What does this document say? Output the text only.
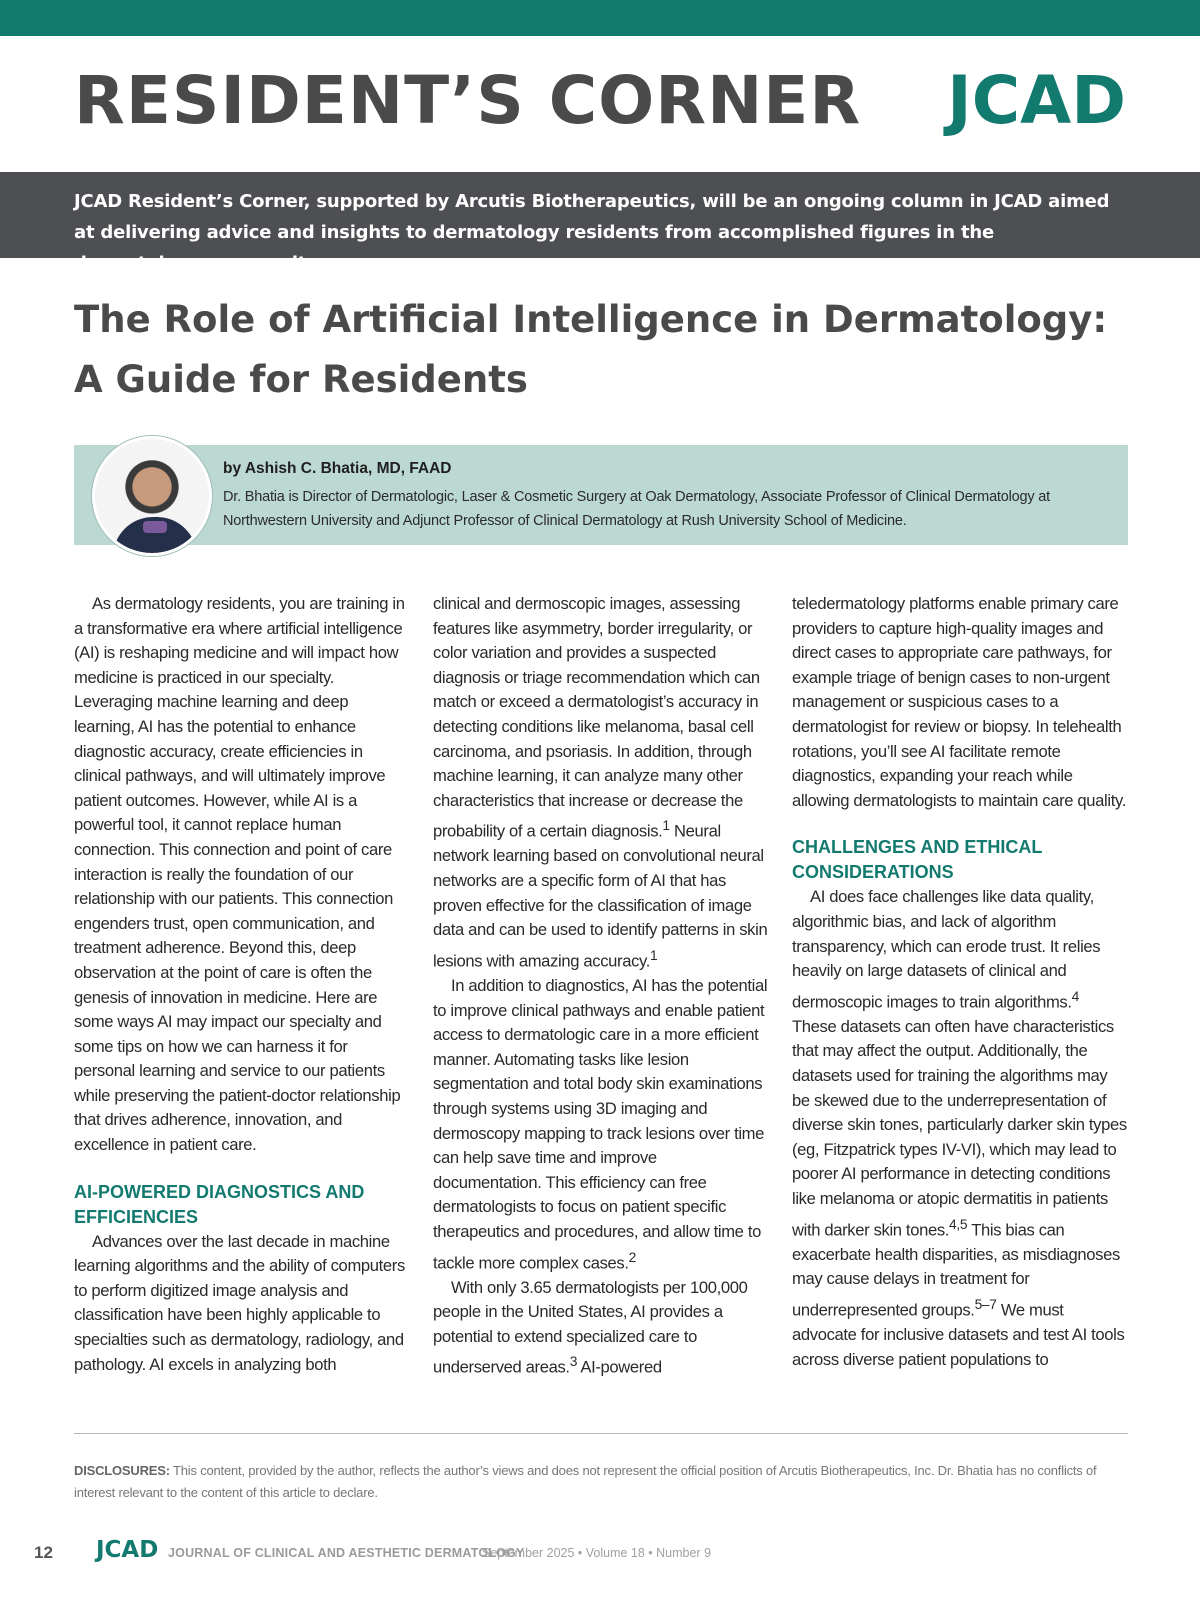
RESIDENT’S CORNER JCAD

JCAD Resident’s Corner, supported by Arcutis Biotherapeutics, will be an ongoing column in JCAD aimed at delivering advice and insights to dermatology residents from accomplished figures in the dermatology community.

The Role of Artificial Intelligence in Dermatology: A Guide for Residents
by Ashish C. Bhatia, MD, FAAD
Dr. Bhatia is Director of Dermatologic, Laser & Cosmetic Surgery at Oak Dermatology, Associate Professor of Clinical Dermatology at Northwestern University and Adjunct Professor of Clinical Dermatology at Rush University School of Medicine.

As dermatology residents, you are training in a transformative era where artificial intelligence (AI) is reshaping medicine and will impact how medicine is practiced in our specialty. Leveraging machine learning and deep learning, AI has the potential to enhance diagnostic accuracy, create efficiencies in clinical pathways, and will ultimately improve patient outcomes. However, while AI is a powerful tool, it cannot replace human connection. This connection and point of care interaction is really the foundation of our relationship with our patients. This connection engenders trust, open communication, and treatment adherence. Beyond this, deep observation at the point of care is often the genesis of innovation in medicine. Here are some ways AI may impact our specialty and some tips on how we can harness it for personal learning and service to our patients while preserving the patient-doctor relationship that drives adherence, innovation, and excellence in patient care.

AI-POWERED DIAGNOSTICS AND EFFICIENCIES

Advances over the last decade in machine learning algorithms and the ability of computers to perform digitized image analysis and classification have been highly applicable to specialties such as dermatology, radiology, and pathology. AI excels in analyzing both

clinical and dermoscopic images, assessing features like asymmetry, border irregularity, or color variation and provides a suspected diagnosis or triage recommendation which can match or exceed a dermatologist’s accuracy in detecting conditions like melanoma, basal cell carcinoma, and psoriasis. In addition, through machine learning, it can analyze many other characteristics that increase or decrease the probability of a certain diagnosis.$^1$ Neural network learning based on convolutional neural networks are a specific form of AI that has proven effective for the classification of image data and can be used to identify patterns in skin lesions with amazing accuracy.$^1$

In addition to diagnostics, AI has the potential to improve clinical pathways and enable patient access to dermatologic care in a more efficient manner. Automating tasks like lesion segmentation and total body skin examinations through systems using 3D imaging and dermoscopy mapping to track lesions over time can help save time and improve documentation. This efficiency can free dermatologists to focus on patient specific therapeutics and procedures, and allow time to tackle more complex cases.$^2$

With only 3.65 dermatologists per 100,000 people in the United States, AI provides a potential to extend specialized care to underserved areas.$^3$ AI-powered

teledermatology platforms enable primary care providers to capture high-quality images and direct cases to appropriate care pathways, for example triage of benign cases to non-urgent management or suspicious cases to a dermatologist for review or biopsy. In telehealth rotations, you’ll see AI facilitate remote diagnostics, expanding your reach while allowing dermatologists to maintain care quality.

CHALLENGES AND ETHICAL CONSIDERATIONS

AI does face challenges like data quality, algorithmic bias, and lack of algorithm transparency, which can erode trust. It relies heavily on large datasets of clinical and dermoscopic images to train algorithms.$^4$ These datasets can often have characteristics that may affect the output. Additionally, the datasets used for training the algorithms may be skewed due to the underrepresentation of diverse skin tones, particularly darker skin types (eg, Fitzpatrick types IV-VI), which may lead to poorer AI performance in detecting conditions like melanoma or atopic dermatitis in patients with darker skin tones.$^{4,5}$ This bias can exacerbate health disparities, as misdiagnoses may cause delays in treatment for underrepresented groups.$^{5-7}$ We must advocate for inclusive datasets and test AI tools across diverse patient populations to

DISCLOSURES: This content, provided by the author, reflects the author’s views and does not represent the official position of Arcutis Biotherapeutics, Inc. Dr. Bhatia has no conflicts of interest relevant to the content of this article to declare.
12 JCAD JOURNAL OF CLINICAL AND AESTHETIC DERMATOLOGY
September 2025 • Volume 18 • Number 9
